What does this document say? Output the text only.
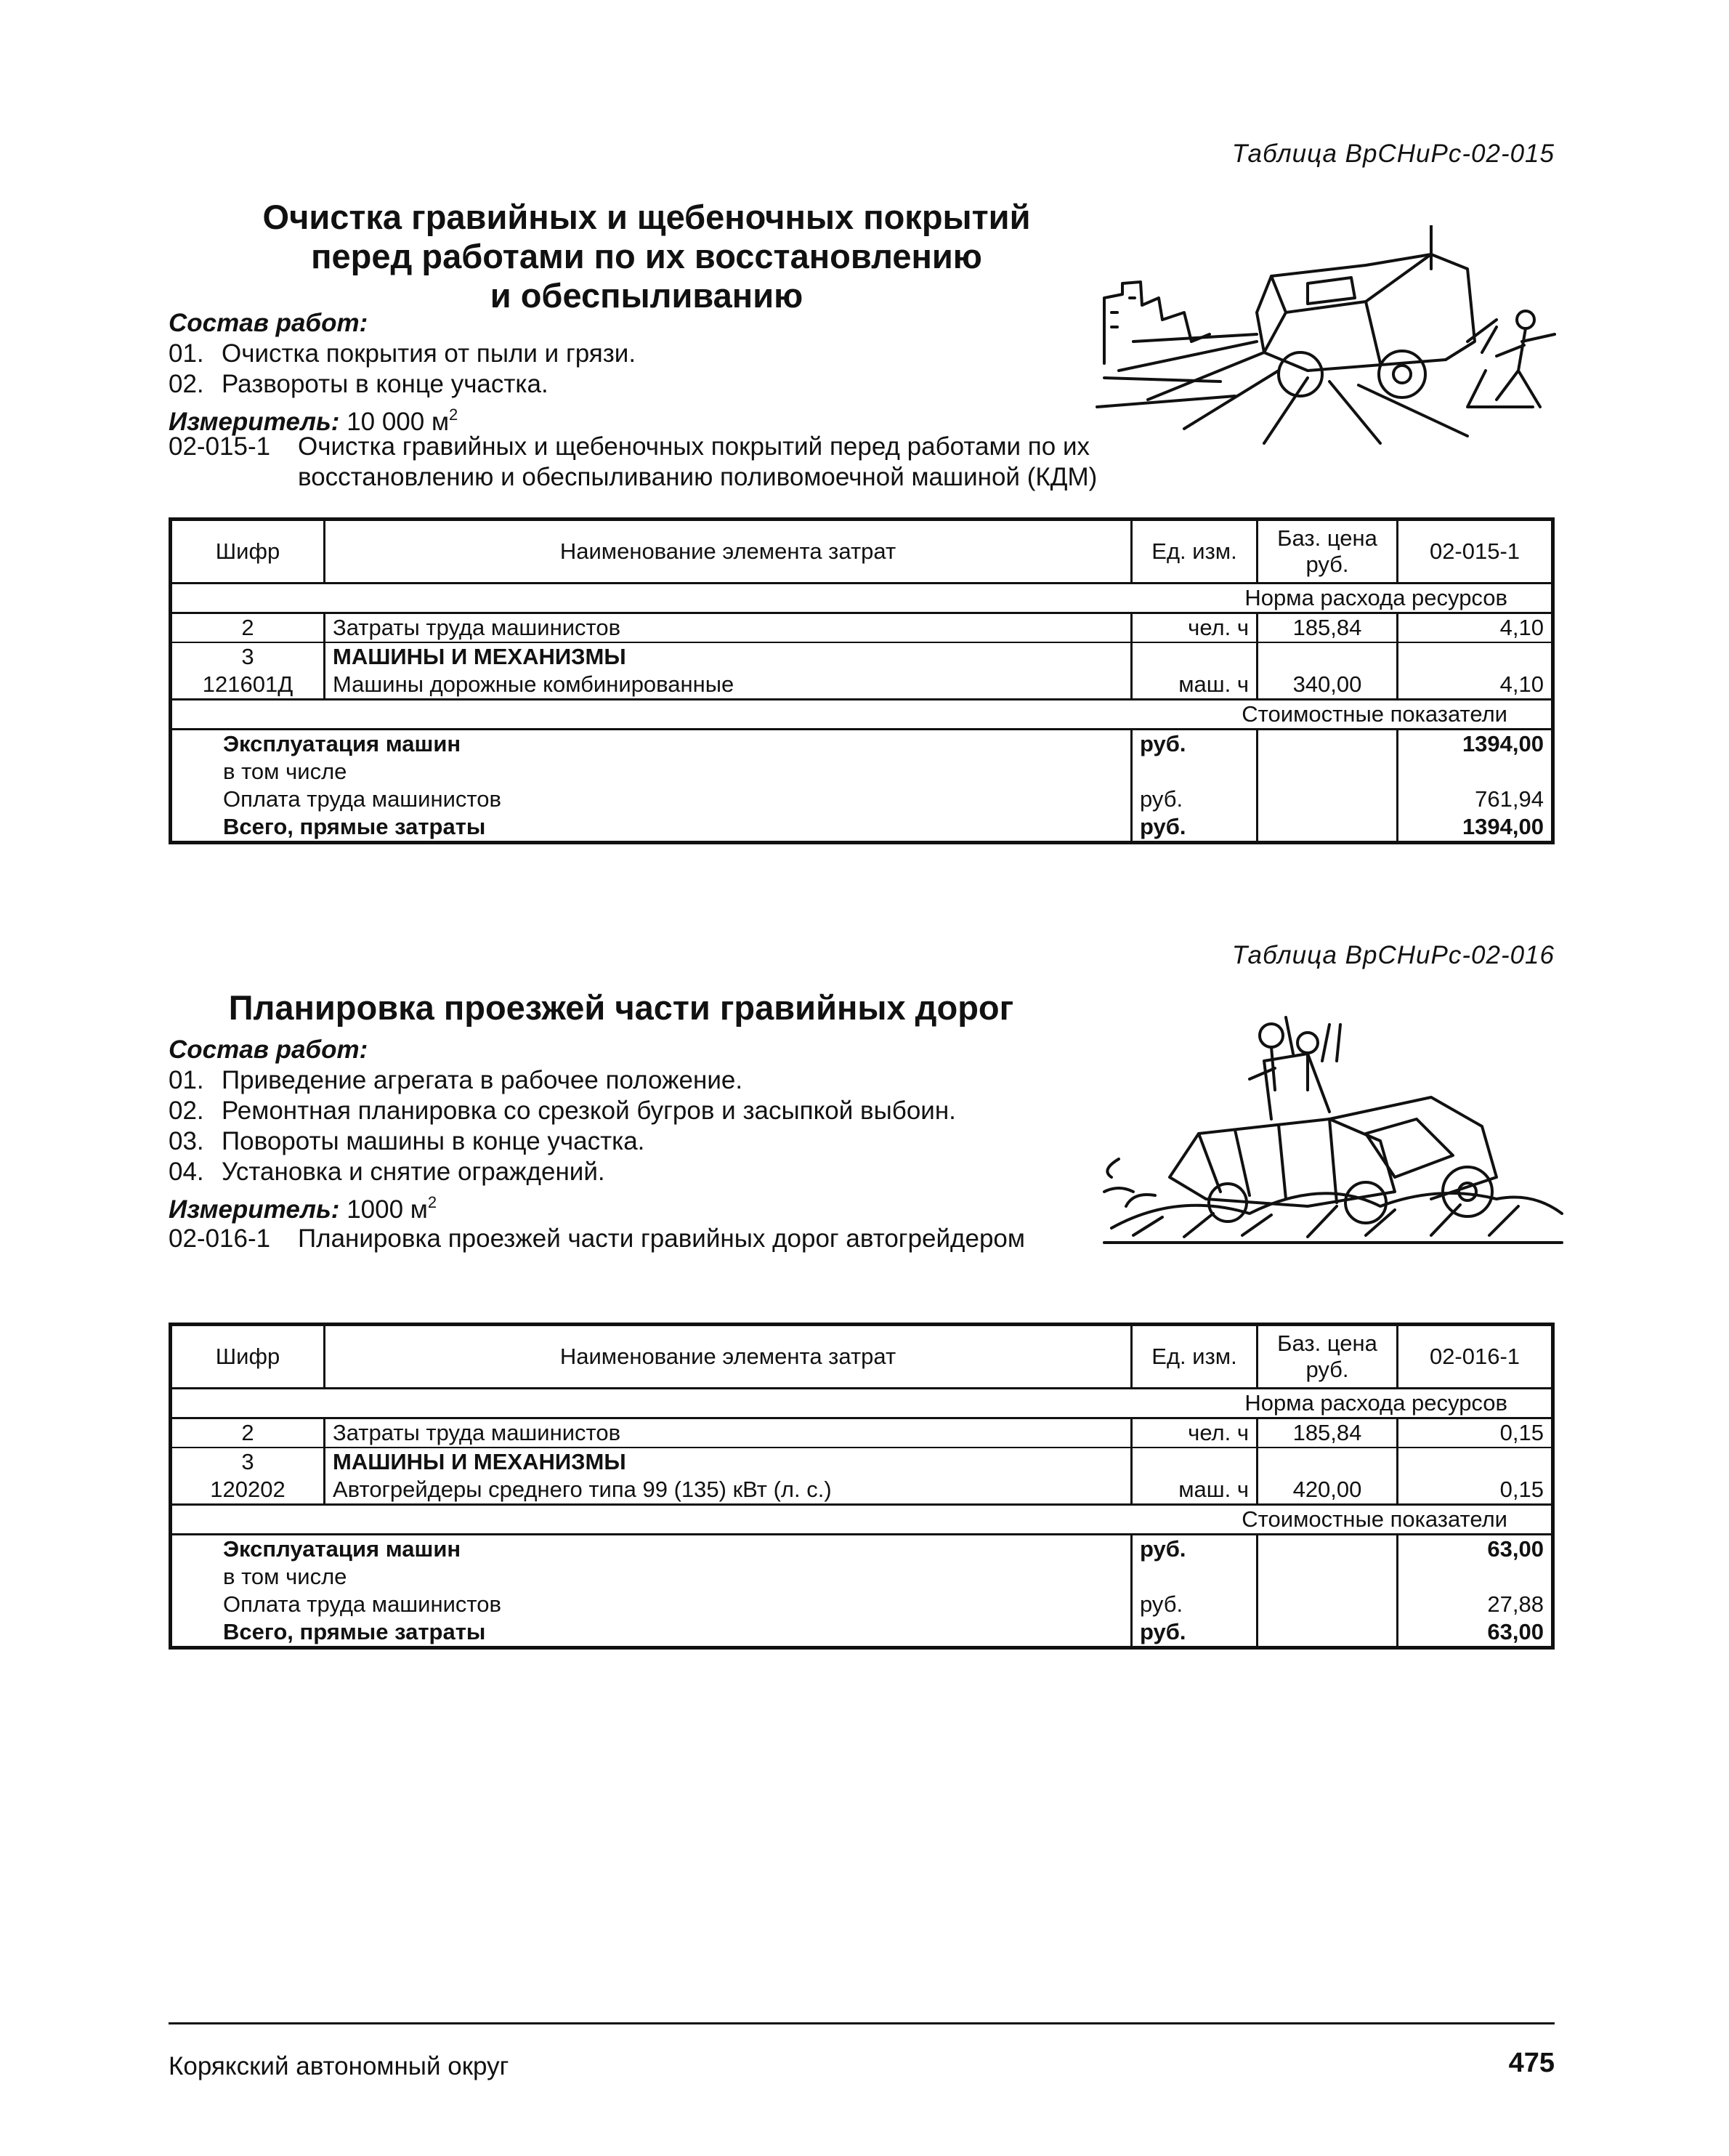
Таблица ВрСНиРс-02-015
Очистка гравийных и щебеночных покрытий
перед работами по их восстановлению
и обеспыливанию
Состав работ:
01. Очистка покрытия от пыли и грязи.
02. Развороты в конце участка.
Измеритель: 10 000 $м^2$
02-015-1 Очистка гравийных и щебеночных покрытий перед работами по их
восстановлению и обеспыливанию поливомоечной машиной (КДМ)
Шифр	Наименование элемента затрат	Ед. изм.	Баз. цена руб.	02-015-1
Норма расхода ресурсов				
2	Затраты труда машинистов	чел. ч	185,84	4,10
3	МАШИНЫ И МЕХАНИЗМЫ			
121601Д	Машины дорожные комбинированные	маш. ч	340,00	4,10
Стоимостные показатели				
Эксплуатация машин		руб.		1394,00
в том числе				
Оплата труда машинистов		руб.		761,94
Всего, прямые затраты		руб.		1394,00
Таблица ВрСНиРс-02-016
Планировка проезжей части гравийных дорог
Состав работ:
01. Приведение агрегата в рабочее положение.
02. Ремонтная планировка со срезкой бугров и засыпкой выбоин.
03. Повороты машины в конце участка.
04. Установка и снятие ограждений.
Измеритель: 1000 $м^2$
02-016-1 Планировка проезжей части гравийных дорог автогрейдером
Шифр	Наименование элемента затрат	Ед. изм.	Баз. цена руб.	02-016-1
Норма расхода ресурсов				
2	Затраты труда машинистов	чел. ч	185,84	0,15
3	МАШИНЫ И МЕХАНИЗМЫ			
120202	Автогрейдеры среднего типа 99 (135) кВт (л. с.)	маш. ч	420,00	0,15
Стоимостные показатели				
Эксплуатация машин		руб.		63,00
в том числе				
Оплата труда машинистов		руб.		27,88
Всего, прямые затраты		руб.		63,00
Корякский автономный округ	475
